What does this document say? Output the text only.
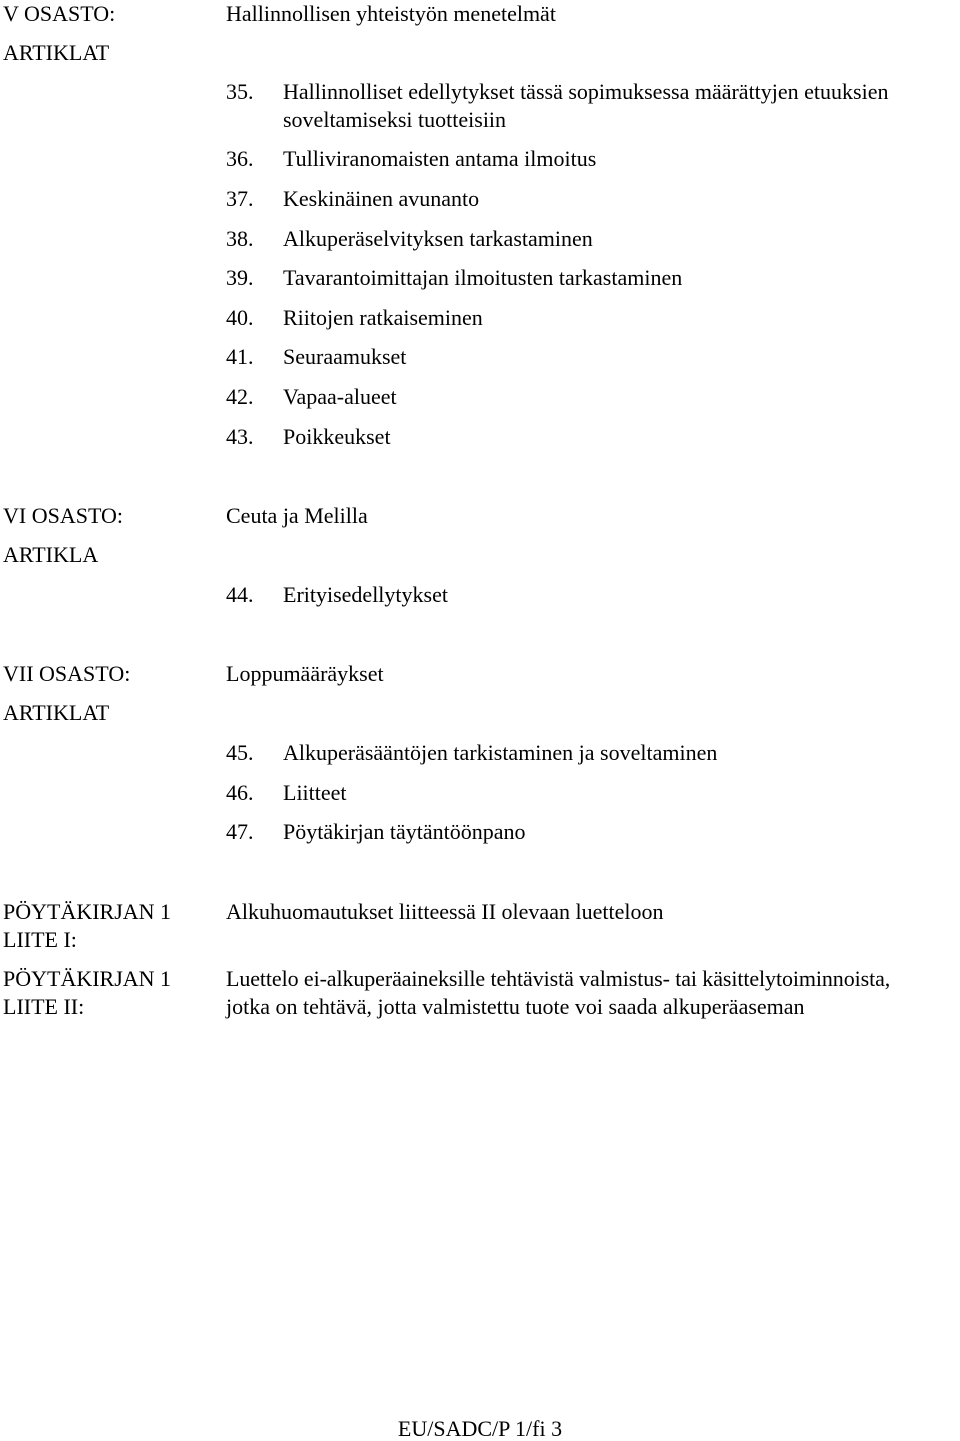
V OSASTO:

ARTIKLAT

Hallinnollisen yhteistyön menetelmät

35. Hallinnolliset edellytykset tässä sopimuksessa määrättyjen etuuksien

soveltamiseksi tuotteisiin

36. Tulliviranomaisten antama ilmoitus

37. Keskinäinen avunanto

38. Alkuperäselvityksen tarkastaminen

39. Tavarantoimittajan ilmoitusten tarkastaminen

40. Riitojen ratkaiseminen

41. Seuraamukset

42. Vapaa-alueet

43. Poikkeukset

VI OSASTO:

ARTIKLA

Ceuta ja Melilla

44. Erityisedellytykset

VII OSASTO:

ARTIKLAT

Loppumääräykset

45. Alkuperäsääntöjen tarkistaminen ja soveltaminen

46. Liitteet

47. Pöytäkirjan täytäntöönpano

PÖYTÄKIRJAN 1

LIITE I:

Alkuhuomautukset liitteessä II olevaan luetteloon

PÖYTÄKIRJAN 1

LIITE II:

Luettelo ei-alkuperäaineksille tehtävistä valmistus- tai käsittelytoiminnoista,

jotka on tehtävä, jotta valmistettu tuote voi saada alkuperäaseman

EU/SADC/P 1/fi 3
